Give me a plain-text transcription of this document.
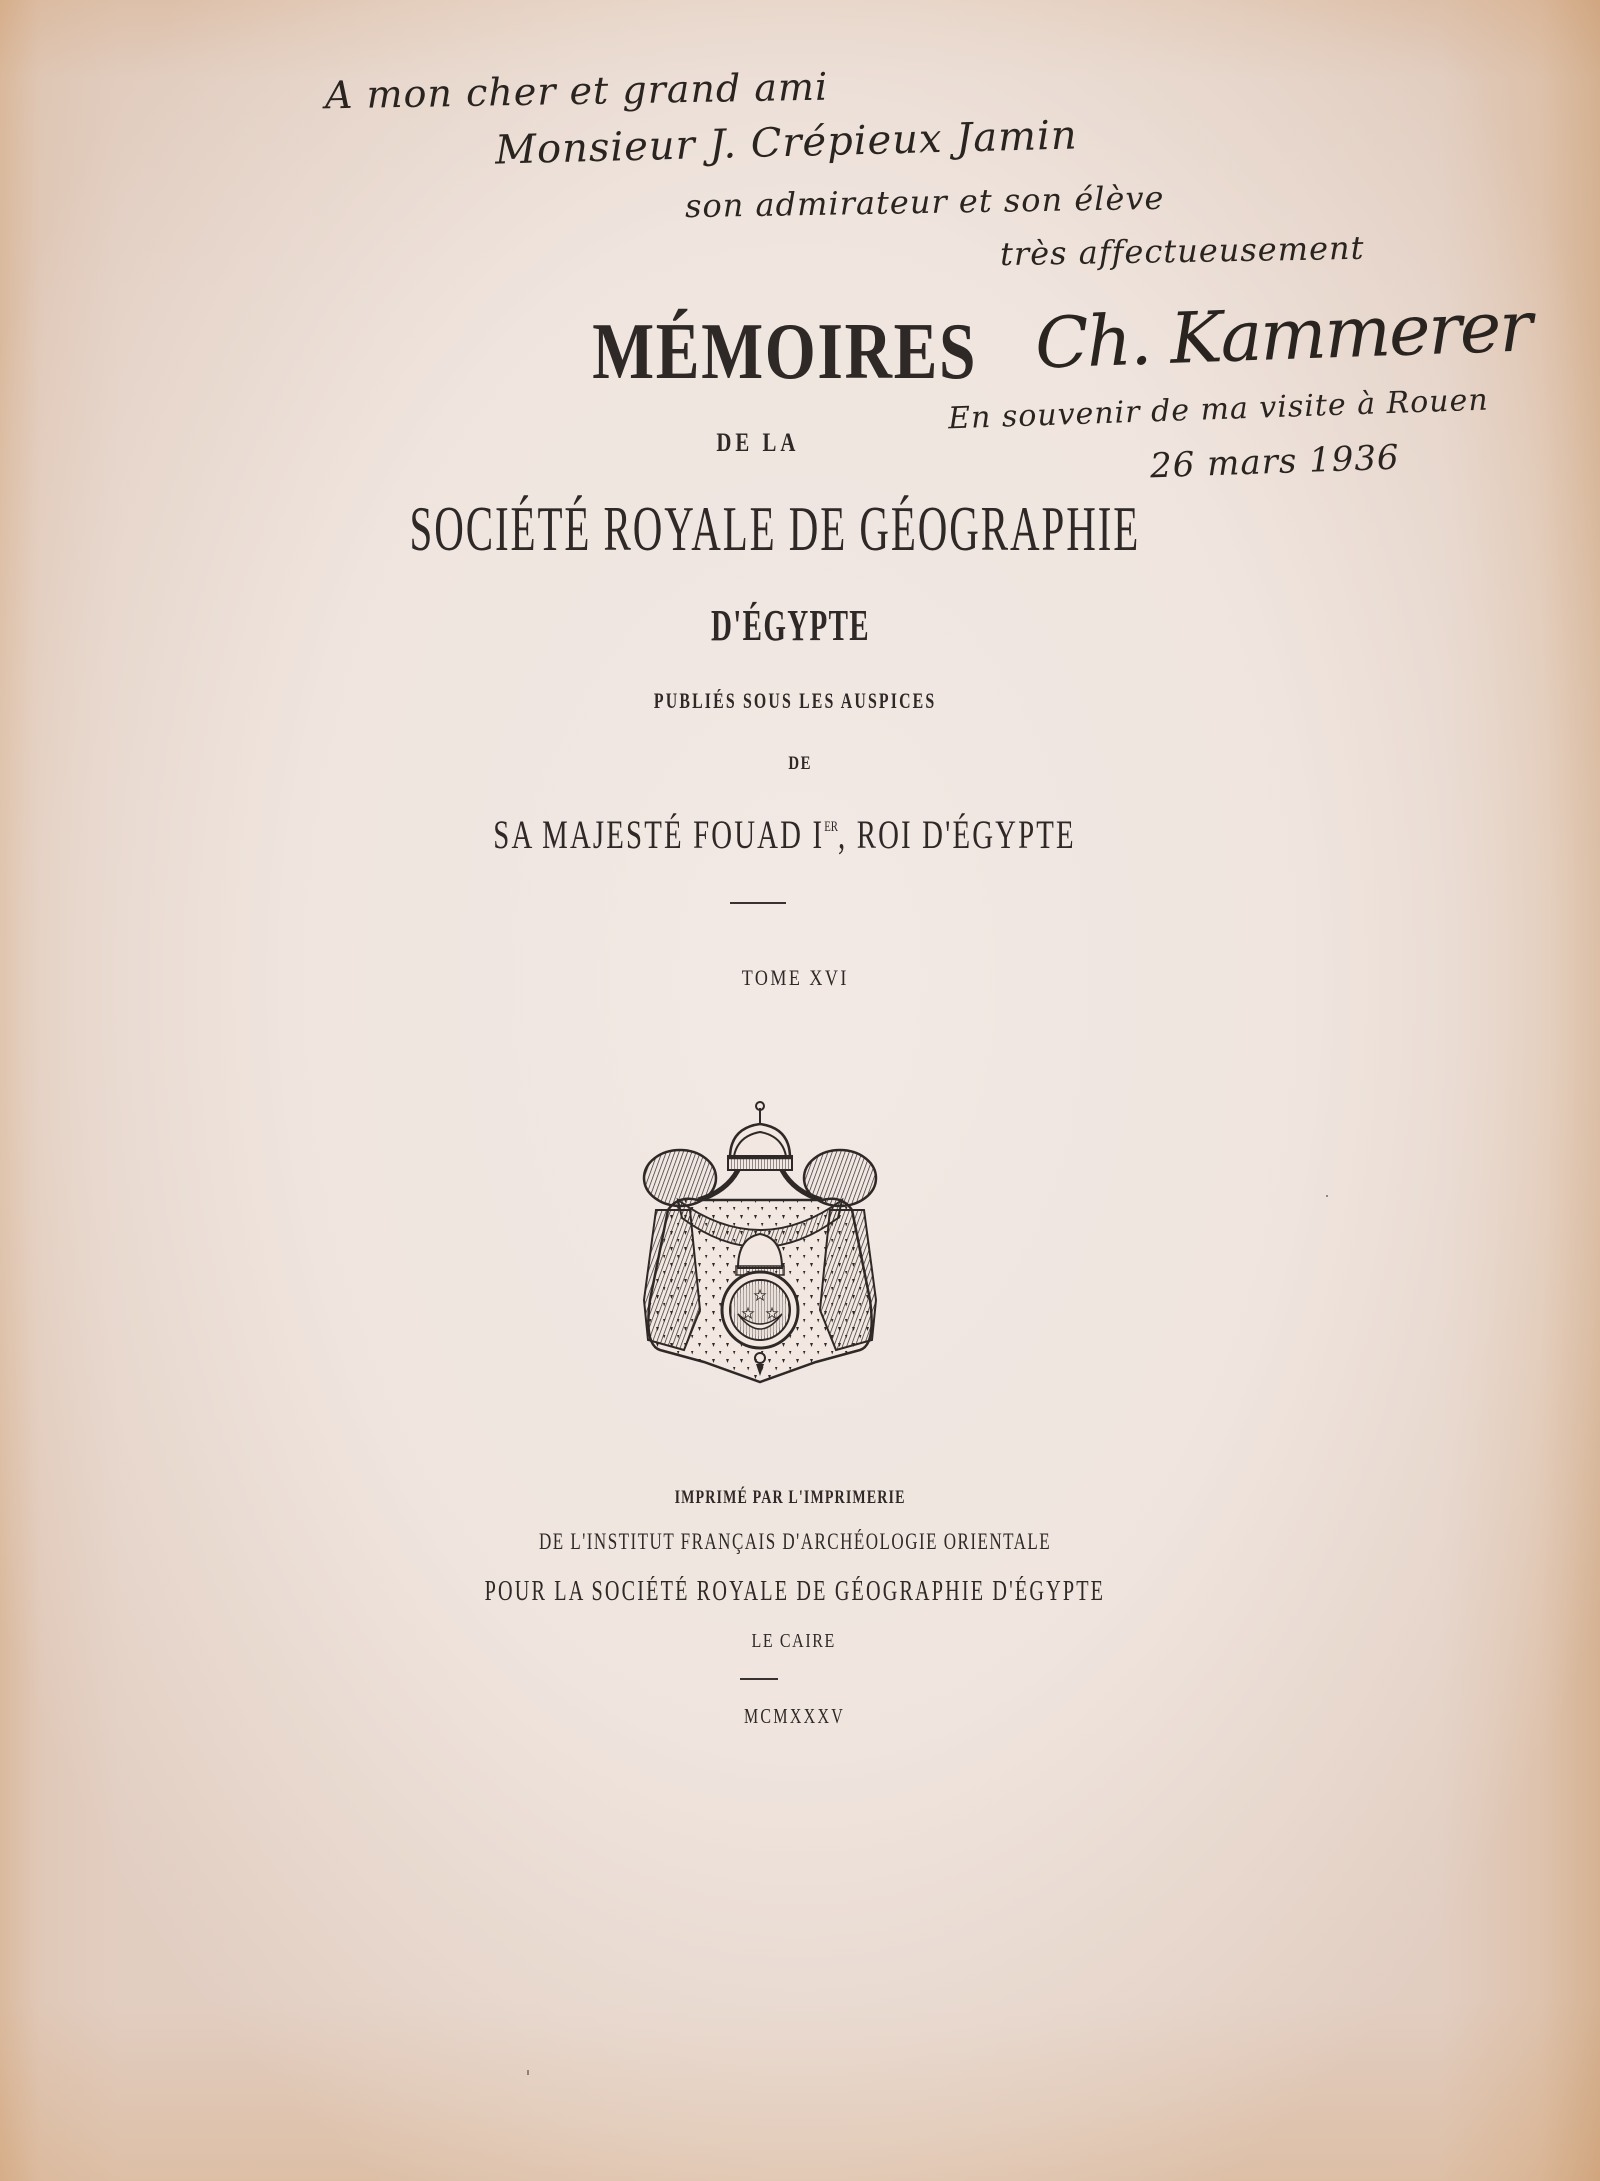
A mon cher et grand ami
Monsieur J. Crépieux Jamin
son admirateur et son élève
très affectueusement
Ch. Kammerer
En souvenir de ma visite à Rouen
26 mars 1936
MÉMOIRES
DE LA
SOCIÉTÉ ROYALE DE GÉOGRAPHIE
D'ÉGYPTE
PUBLIÉS SOUS LES AUSPICES
DE
SA MAJESTÉ FOUAD IER, ROI D'ÉGYPTE
TOME XVI
★
★ ★
IMPRIMÉ PAR L'IMPRIMERIE
DE L'INSTITUT FRANÇAIS D'ARCHÉOLOGIE ORIENTALE
POUR LA SOCIÉTÉ ROYALE DE GÉOGRAPHIE D'ÉGYPTE
LE CAIRE
MCMXXXV
